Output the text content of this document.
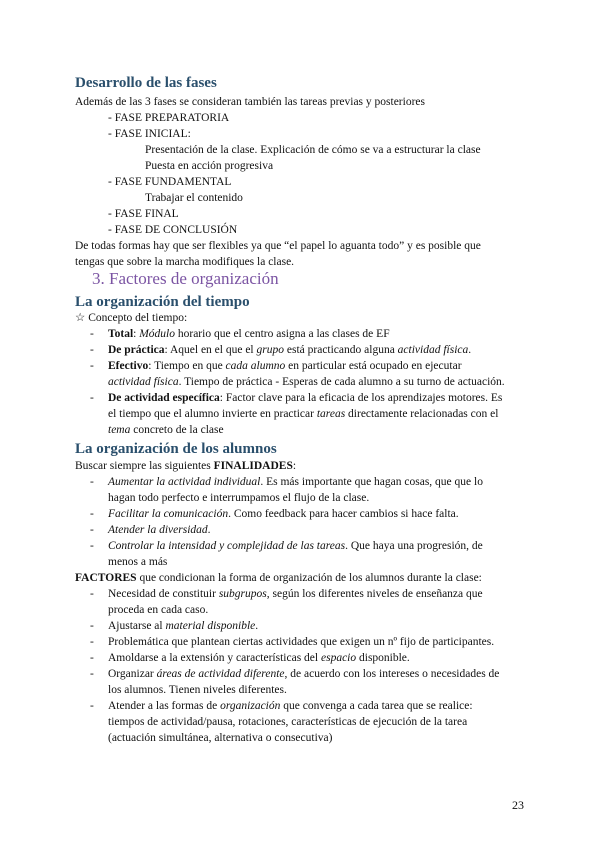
Desarrollo de las fases
Además de las 3 fases se consideran también las tareas previas y posteriores
- FASE PREPARATORIA
- FASE INICIAL:
Presentación de la clase. Explicación de cómo se va a estructurar la clase
Puesta en acción progresiva
- FASE FUNDAMENTAL
Trabajar el contenido
- FASE FINAL
- FASE DE CONCLUSIÓN
De todas formas hay que ser flexibles ya que “el papel lo aguanta todo” y es posible que
tengas que sobre la marcha modifiques la clase.
3. Factores de organización
La organización del tiempo
☆ Concepto del tiempo:
- Total: Módulo horario que el centro asigna a las clases de EF
- De práctica: Aquel en el que el grupo está practicando alguna actividad física.
- Efectivo: Tiempo en que cada alumno en particular está ocupado en ejecutar
actividad física. Tiempo de práctica - Esperas de cada alumno a su turno de actuación.
- De actividad específica: Factor clave para la eficacia de los aprendizajes motores. Es
el tiempo que el alumno invierte en practicar tareas directamente relacionadas con el
tema concreto de la clase
La organización de los alumnos
Buscar siempre las siguientes FINALIDADES:
- Aumentar la actividad individual. Es más importante que hagan cosas, que que lo
hagan todo perfecto e interrumpamos el flujo de la clase.
- Facilitar la comunicación. Como feedback para hacer cambios si hace falta.
- Atender la diversidad.
- Controlar la intensidad y complejidad de las tareas. Que haya una progresión, de
menos a más
FACTORES que condicionan la forma de organización de los alumnos durante la clase:
- Necesidad de constituir subgrupos, según los diferentes niveles de enseñanza que
proceda en cada caso.
- Ajustarse al material disponible.
- Problemática que plantean ciertas actividades que exigen un nº fijo de participantes.
- Amoldarse a la extensión y características del espacio disponible.
- Organizar áreas de actividad diferente, de acuerdo con los intereses o necesidades de
los alumnos. Tienen niveles diferentes.
- Atender a las formas de organización que convenga a cada tarea que se realice:
tiempos de actividad/pausa, rotaciones, características de ejecución de la tarea
(actuación simultánea, alternativa o consecutiva)
23
